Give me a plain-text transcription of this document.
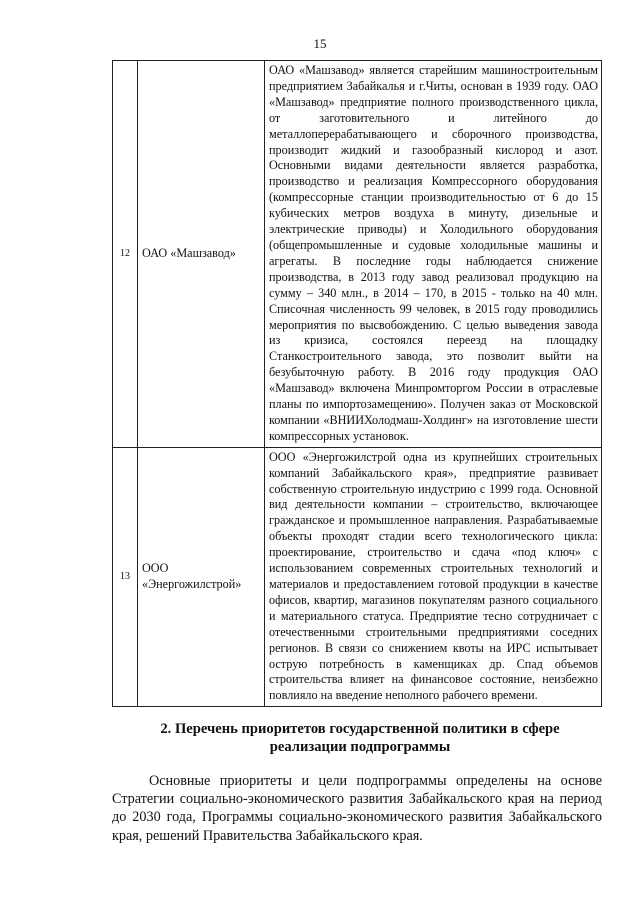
15
12	ОАО «Машзавод»	ОАО «Машзавод» является старейшим машиностроительным предприятием Забайкалья и г.Читы, основан в 1939 году. ОАО «Машзавод» предприятие полного производственного цикла, от заготовительного и литейного до металлоперерабатывающего и сборочного производства, производит жидкий и газообразный кислород и азот. Основными видами деятельности является разработка, производство и реализация Компрессорного оборудования (компрессорные станции производительностью от 6 до 15 кубических метров воздуха в минуту, дизельные и электрические приводы) и Холодильного оборудования (общепромышленные и судовые холодильные машины и агрегаты. В последние годы наблюдается снижение производства, в 2013 году завод реализовал продукцию на сумму – 340 млн., в 2014 – 170, в 2015 - только на 40 млн. Списочная численность 99 человек, в 2015 году проводились мероприятия по высвобождению. С целью выведения завода из кризиса, состоялся переезд на площадку Станкостроительного завода, это позволит выйти на безубыточную работу. В 2016 году продукция ОАО «Машзавод» включена Минпромторгом России в отраслевые планы по импортозамещению». Получен заказ от Московской компании «ВНИИХолодмаш-Холдинг» на изготовление шести компрессорных установок.

13	ООО «Энергожилстрой»	ООО «Энергожилстрой одна из крупнейших строительных компаний Забайкальского края», предприятие развивает собственную строительную индустрию с 1999 года. Основной вид деятельности компании – строительство, включающее гражданское и промышленное направления. Разрабатываемые объекты проходят стадии всего технологического цикла: проектирование, строительство и сдача «под ключ» с использованием современных строительных технологий и материалов и предоставлением готовой продукции в качестве офисов, квартир, магазинов покупателям разного социального и материального статуса. Предприятие тесно сотрудничает с отечественными строительными предприятиями соседних регионов. В связи со снижением квоты на ИРС испытывает острую потребность в каменщиках др. Спад объемов строительства влияет на финансовое состояние, неизбежно повлияло на введение неполного рабочего времени.

2. Перечень приоритетов государственной политики в сфере реализации подпрограммы

Основные приоритеты и цели подпрограммы определены на основе Стратегии социально-экономического развития Забайкальского края на период до 2030 года, Программы социально-экономического развития Забайкальского края, решений Правительства Забайкальского края.
